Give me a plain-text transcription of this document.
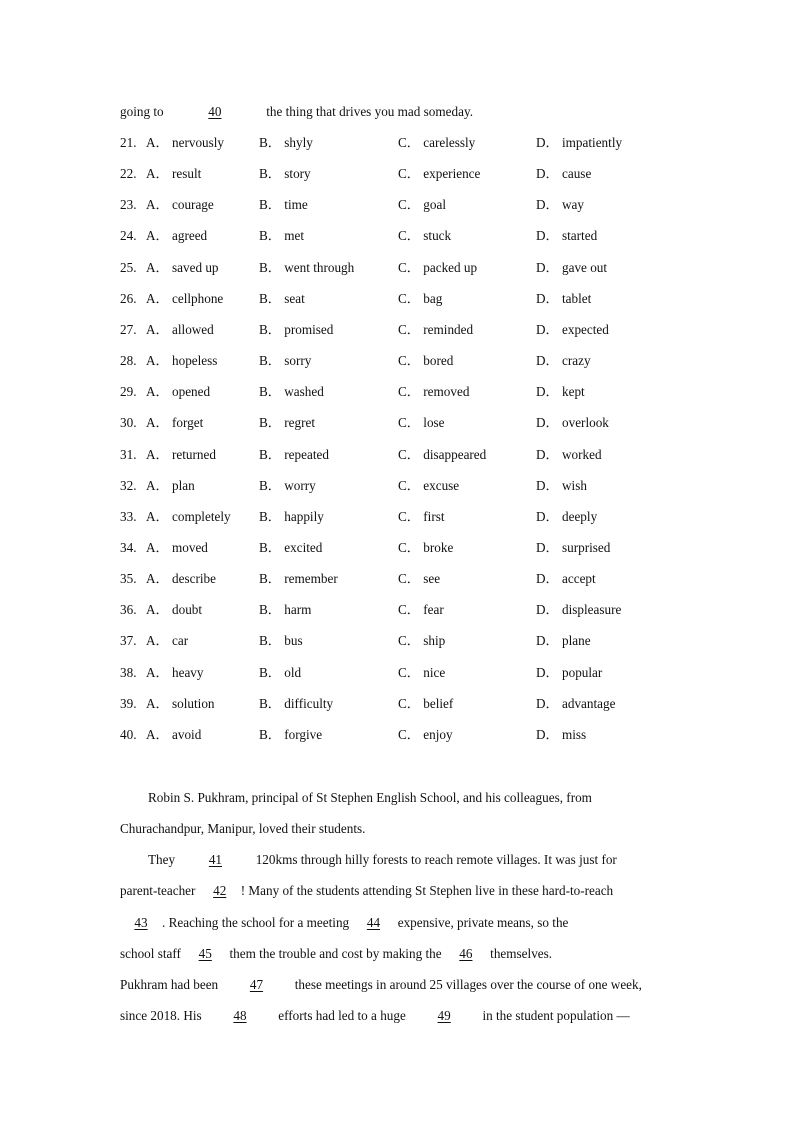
going to	40	the thing that drives you mad someday.
21. A． nervously	B． shyly	C． carelessly	D． impatiently
22. A． result	B． story	C． experience	D． cause
23. A． courage	B． time	C． goal	D． way
24. A． agreed	B． met	C． stuck	D． started
25. A． saved up	B． went through	C． packed up	D． gave out
26. A． cellphone	B． seat	C． bag	D． tablet
27. A． allowed	B． promised	C． reminded	D． expected
28. A． hopeless	B． sorry	C． bored	D． crazy
29. A． opened	B． washed	C． removed	D． kept
30. A． forget	B． regret	C． lose	D． overlook
31. A． returned	B． repeated	C． disappeared	D． worked
32. A． plan	B． worry	C． excuse	D． wish
33. A． completely B． happily	C． first	D． deeply
34. A． moved	B． excited	C． broke	D． surprised
35. A． describe	B． remember	C． see	D． accept
36. A． doubt	B． harm	C． fear	D． displeasure
37. A． car	B． bus	C． ship	D． plane
38. A． heavy	B． old	C． nice	D． popular
39. A． solution	B． difficulty	C． belief	D． advantage
40. A． avoid	B． forgive	C． enjoy	D． miss
Robin S. Pukhram, principal of St Stephen English School, and his colleagues, from
Churachandpur, Manipur, loved their students.
They 41 120kms through hilly forests to reach remote villages. It was just for
parent-teacher 42 ! Many of the students attending St Stephen live in these hard-to-reach
43 . Reaching the school for a meeting 44 expensive, private means, so the
school staff 45 them the trouble and cost by making the 46 themselves.
Pukhram had been 47 these meetings in around 25 villages over the course of one week,
since 2018. His 48 efforts had led to a huge 49 in the student population —
